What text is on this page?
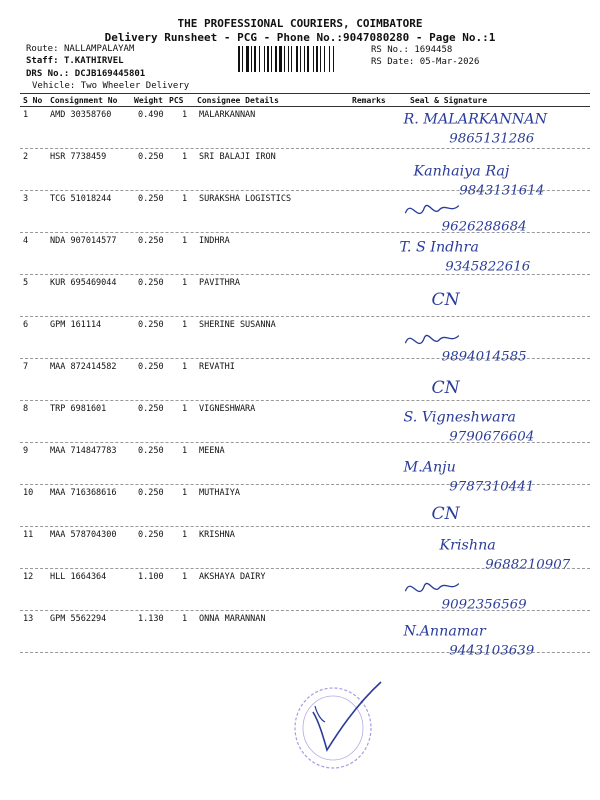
THE PROFESSIONAL COURIERS, COIMBATORE
Delivery Runsheet - PCG - Phone No.:9047080280 - Page No.:1
Route: NALLAMPALAYAM
Staff: T.KATHIRVEL
DRS No.: DCJB169445801
Vehicle: Two Wheeler Delivery
RS No.: 1694458
RS Date: 05-Mar-2026
S No Consignment No Weight PCS Consignee Details	Remarks	Seal & Signature
1	AMD 30358760	0.490 1 MALARKANNAN	R. MALARKANNAN
9865131286
2	HSR 7738459	0.250 1 SRI BALAJI IRON
Kanhaiya Raj
9843131614
3	TCG 51018244	0.250 1 SURAKSHA LOGISTICS
9626288684
4	NDA 907014577	0.250 1 INDHRA	T. S Indhra
9345822616
5	KUR 695469044	0.250 1 PAVITHRA
CN
6	GPM 161114	0.250 1 SHERINE SUSANNA
9894014585
7	MAA 872414582	0.250 1 REVATHI
CN
8	TRP 6981601	0.250 1 VIGNESHWARA
S. Vigneshwara
9790676604
9	MAA 714847783	0.250 1 MEENA
M.Anju
9787310441
10 MAA 716368616	0.250 1 MUTHAIYA
CN
11 MAA 578704300	0.250 1 KRISHNA
Krishna
9688210907
12 HLL 1664364	1.100 1 AKSHAYA DAIRY
9092356569
13 GPM 5562294	1.130 1 ONNA MARANNAN
N.Annamar
9443103639
